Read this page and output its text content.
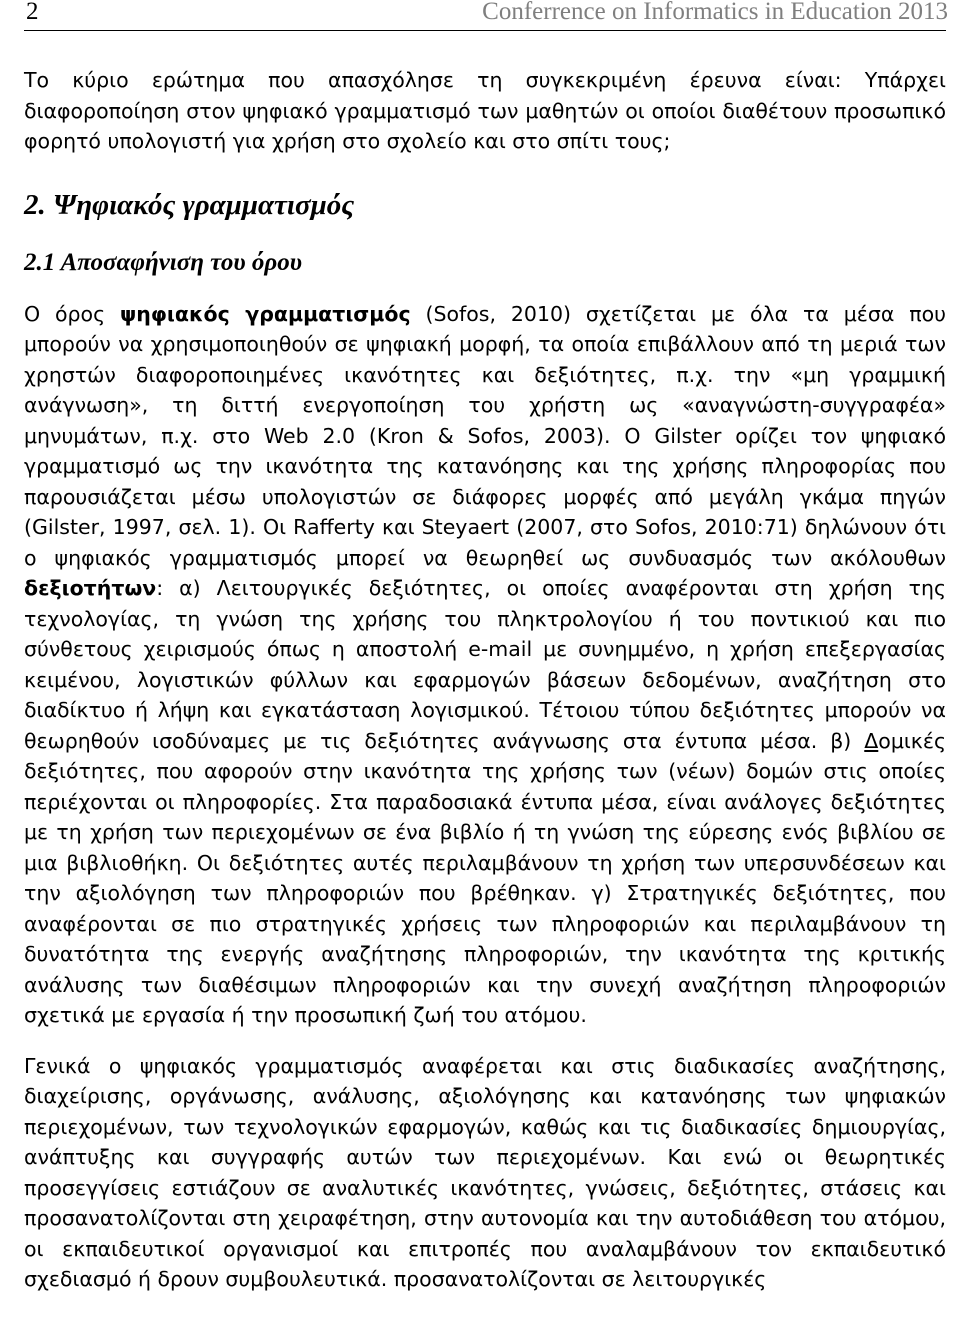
2	Conferrence on Informatics in Education 2013

Το κύριο ερώτημα που απασχόλησε τη συγκεκριμένη έρευνα είναι: Υπάρχει διαφοροποίηση στον ψηφιακό γραμματισμό των μαθητών οι οποίοι διαθέτουν προσωπικό φορητό υπολογιστή για χρήση στο σχολείο και στο σπίτι τους;

2. Ψηφιακός γραμματισμός
2.1 Αποσαφήνιση του όρου

Ο όρος ψηφιακός γραμματισμός (Sofos, 2010) σχετίζεται με όλα τα μέσα που μπορούν να χρησιμοποιηθούν σε ψηφιακή μορφή, τα οποία επιβάλλουν από τη μεριά των χρηστών διαφοροποιημένες ικανότητες και δεξιότητες, π.χ. την «μη γραμμική ανάγνωση», τη διττή ενεργοποίηση του χρήστη ως «αναγνώστη-συγγραφέα» μηνυμάτων, π.χ. στο Web 2.0 (Kron & Sofos, 2003). Ο Gilster ορίζει τον ψηφιακό γραμματισμό ως την ικανότητα της κατανόησης και της χρήσης πληροφορίας που παρουσιάζεται μέσω υπολογιστών σε διάφορες μορφές από μεγάλη γκάμα πηγών (Gilster, 1997, σελ. 1). Οι Rafferty και Steyaert (2007, στο Sofos, 2010:71) δηλώνουν ότι ο ψηφιακός γραμματισμός μπορεί να θεωρηθεί ως συνδυασμός των ακόλουθων δεξιοτήτων: α) Λειτουργικές δεξιότητες, οι οποίες αναφέρονται στη χρήση της τεχνολογίας, τη γνώση της χρήσης του πληκτρολογίου ή του ποντικιού και πιο σύνθετους χειρισμούς όπως η αποστολή e-mail με συνημμένο, η χρήση επεξεργασίας κειμένου, λογιστικών φύλλων και εφαρμογών βάσεων δεδομένων, αναζήτηση στο διαδίκτυο ή λήψη και εγκατάσταση λογισμικού. Τέτοιου τύπου δεξιότητες μπορούν να θεωρηθούν ισοδύναμες με τις δεξιότητες ανάγνωσης στα έντυπα μέσα. β) Δομικές δεξιότητες, που αφορούν στην ικανότητα της χρήσης των (νέων) δομών στις οποίες περιέχονται οι πληροφορίες. Στα παραδοσιακά έντυπα μέσα, είναι ανάλογες δεξιότητες με τη χρήση των περιεχομένων σε ένα βιβλίο ή τη γνώση της εύρεσης ενός βιβλίου σε μια βιβλιοθήκη. Οι δεξιότητες αυτές περιλαμβάνουν τη χρήση των υπερσυνδέσεων και την αξιολόγηση των πληροφοριών που βρέθηκαν. γ) Στρατηγικές δεξιότητες, που αναφέρονται σε πιο στρατηγικές χρήσεις των πληροφοριών και περιλαμβάνουν τη δυνατότητα της ενεργής αναζήτησης πληροφοριών, την ικανότητα της κριτικής ανάλυσης των διαθέσιμων πληροφοριών και την συνεχή αναζήτηση πληροφοριών σχετικά με εργασία ή την προσωπική ζωή του ατόμου.

Γενικά ο ψηφιακός γραμματισμός αναφέρεται και στις διαδικασίες αναζήτησης, διαχείρισης, οργάνωσης, ανάλυσης, αξιολόγησης και κατανόησης των ψηφιακών περιεχομένων, των τεχνολογικών εφαρμογών, καθώς και τις διαδικασίες δημιουργίας, ανάπτυξης και συγγραφής αυτών των περιεχομένων. Και ενώ οι θεωρητικές προσεγγίσεις εστιάζουν σε αναλυτικές ικανότητες, γνώσεις, δεξιότητες, στάσεις και προσανατολίζονται στη χειραφέτηση, στην αυτονομία και την αυτοδιάθεση του ατόμου, οι εκπαιδευτικοί οργανισμοί και επιτροπές που αναλαμβάνουν τον εκπαιδευτικό σχεδιασμό ή δρουν συμβουλευτικά. προσανατολίζονται σε λειτουργικές
